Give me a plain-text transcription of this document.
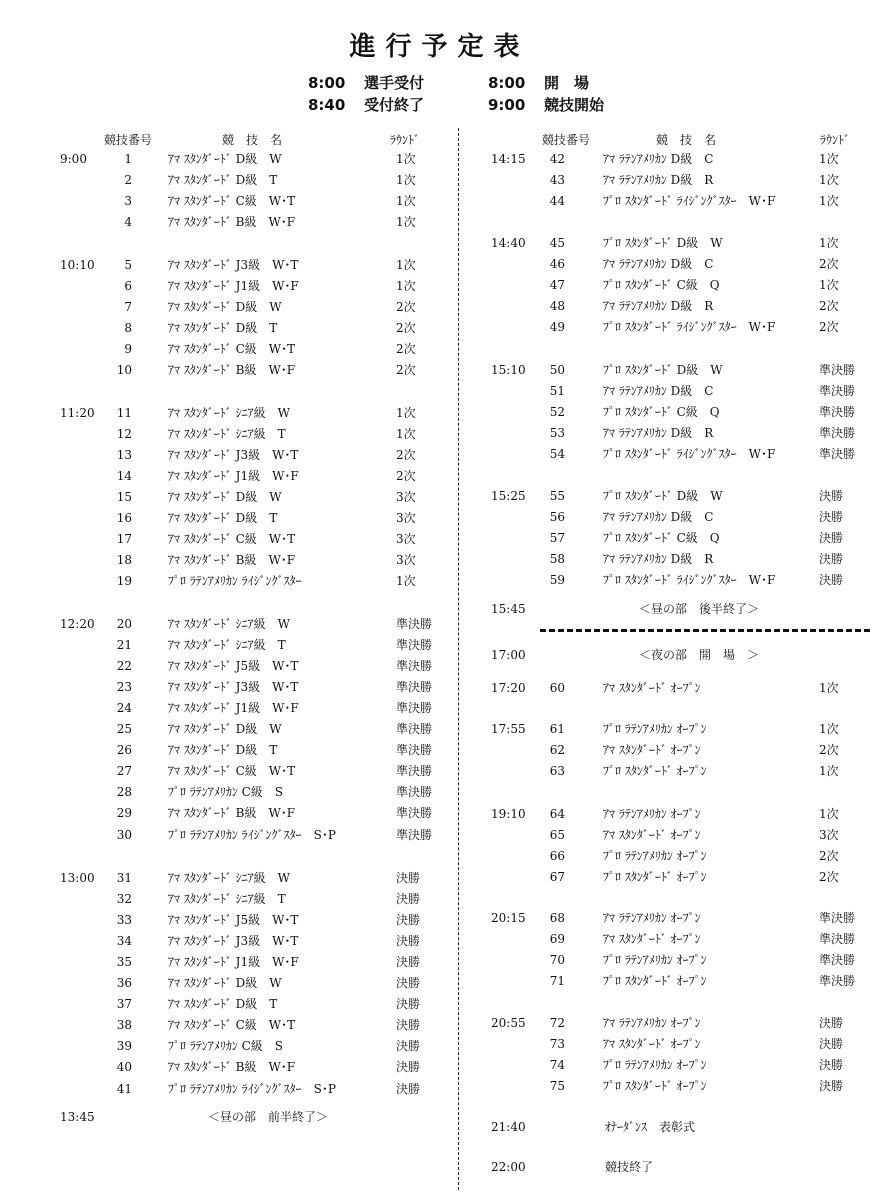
進行予定表
8:00 選手受付	8:00 開　場
8:40 受付終了	9:00 競技開始
競技番号	競　技　名	ﾗｳﾝﾄﾞ	競技番号	競　技　名	ﾗｳﾝﾄﾞ
9:00	1	ｱﾏ ｽﾀﾝﾀﾞｰﾄﾞ D級　W	1次
2	ｱﾏ ｽﾀﾝﾀﾞｰﾄﾞ D級　T	1次
3	ｱﾏ ｽﾀﾝﾀﾞｰﾄﾞ C級　W･T	1次
4	ｱﾏ ｽﾀﾝﾀﾞｰﾄﾞ B級　W･F	1次
10:10	5	ｱﾏ ｽﾀﾝﾀﾞｰﾄﾞ J3級　W･T	1次
6	ｱﾏ ｽﾀﾝﾀﾞｰﾄﾞ J1級　W･F	1次
7	ｱﾏ ｽﾀﾝﾀﾞｰﾄﾞ D級　W	2次
8	ｱﾏ ｽﾀﾝﾀﾞｰﾄﾞ D級　T	2次
9	ｱﾏ ｽﾀﾝﾀﾞｰﾄﾞ C級　W･T	2次
10	ｱﾏ ｽﾀﾝﾀﾞｰﾄﾞ B級　W･F	2次
11:20	11	ｱﾏ ｽﾀﾝﾀﾞｰﾄﾞ ｼﾆｱ級　W	1次
12	ｱﾏ ｽﾀﾝﾀﾞｰﾄﾞ ｼﾆｱ級　T	1次
13	ｱﾏ ｽﾀﾝﾀﾞｰﾄﾞ J3級　W･T	2次
14	ｱﾏ ｽﾀﾝﾀﾞｰﾄﾞ J1級　W･F	2次
15	ｱﾏ ｽﾀﾝﾀﾞｰﾄﾞ D級　W	3次
16	ｱﾏ ｽﾀﾝﾀﾞｰﾄﾞ D級　T	3次
17	ｱﾏ ｽﾀﾝﾀﾞｰﾄﾞ C級　W･T	3次
18	ｱﾏ ｽﾀﾝﾀﾞｰﾄﾞ B級　W･F	3次
19	ﾌﾟﾛ ﾗﾃﾝｱﾒﾘｶﾝ ﾗｲｼﾞﾝｸﾞｽﾀｰ	1次
12:20	20	ｱﾏ ｽﾀﾝﾀﾞｰﾄﾞ ｼﾆｱ級　W	準決勝
21	ｱﾏ ｽﾀﾝﾀﾞｰﾄﾞ ｼﾆｱ級　T	準決勝
22	ｱﾏ ｽﾀﾝﾀﾞｰﾄﾞ J5級　W･T	準決勝
23	ｱﾏ ｽﾀﾝﾀﾞｰﾄﾞ J3級　W･T	準決勝
24	ｱﾏ ｽﾀﾝﾀﾞｰﾄﾞ J1級　W･F	準決勝
25	ｱﾏ ｽﾀﾝﾀﾞｰﾄﾞ D級　W	準決勝
26	ｱﾏ ｽﾀﾝﾀﾞｰﾄﾞ D級　T	準決勝
27	ｱﾏ ｽﾀﾝﾀﾞｰﾄﾞ C級　W･T	準決勝
28	ﾌﾟﾛ ﾗﾃﾝｱﾒﾘｶﾝ C級　S	準決勝
29	ｱﾏ ｽﾀﾝﾀﾞｰﾄﾞ B級　W･F	準決勝
30	ﾌﾟﾛ ﾗﾃﾝｱﾒﾘｶﾝ ﾗｲｼﾞﾝｸﾞｽﾀｰ　S･P	準決勝
13:00	31	ｱﾏ ｽﾀﾝﾀﾞｰﾄﾞ ｼﾆｱ級　W	決勝
32	ｱﾏ ｽﾀﾝﾀﾞｰﾄﾞ ｼﾆｱ級　T	決勝
33	ｱﾏ ｽﾀﾝﾀﾞｰﾄﾞ J5級　W･T	決勝
34	ｱﾏ ｽﾀﾝﾀﾞｰﾄﾞ J3級　W･T	決勝
35	ｱﾏ ｽﾀﾝﾀﾞｰﾄﾞ J1級　W･F	決勝
36	ｱﾏ ｽﾀﾝﾀﾞｰﾄﾞ D級　W	決勝
37	ｱﾏ ｽﾀﾝﾀﾞｰﾄﾞ D級　T	決勝
38	ｱﾏ ｽﾀﾝﾀﾞｰﾄﾞ C級　W･T	決勝
39	ﾌﾟﾛ ﾗﾃﾝｱﾒﾘｶﾝ C級　S	決勝
40	ｱﾏ ｽﾀﾝﾀﾞｰﾄﾞ B級　W･F	決勝
41	ﾌﾟﾛ ﾗﾃﾝｱﾒﾘｶﾝ ﾗｲｼﾞﾝｸﾞｽﾀｰ　S･P	決勝
14:15	42	ｱﾏ ﾗﾃﾝｱﾒﾘｶﾝ D級　C	1次
43	ｱﾏ ﾗﾃﾝｱﾒﾘｶﾝ D級　R	1次
44	ﾌﾟﾛ ｽﾀﾝﾀﾞｰﾄﾞ ﾗｲｼﾞﾝｸﾞｽﾀｰ　W･F	1次
14:40	45	ﾌﾟﾛ ｽﾀﾝﾀﾞｰﾄﾞ D級　W	1次
46	ｱﾏ ﾗﾃﾝｱﾒﾘｶﾝ D級　C	2次
47	ﾌﾟﾛ ｽﾀﾝﾀﾞｰﾄﾞ C級　Q	1次
48	ｱﾏ ﾗﾃﾝｱﾒﾘｶﾝ D級　R	2次
49	ﾌﾟﾛ ｽﾀﾝﾀﾞｰﾄﾞ ﾗｲｼﾞﾝｸﾞｽﾀｰ　W･F	2次
15:10	50	ﾌﾟﾛ ｽﾀﾝﾀﾞｰﾄﾞ D級　W	準決勝
51	ｱﾏ ﾗﾃﾝｱﾒﾘｶﾝ D級　C	準決勝
52	ﾌﾟﾛ ｽﾀﾝﾀﾞｰﾄﾞ C級　Q	準決勝
53	ｱﾏ ﾗﾃﾝｱﾒﾘｶﾝ D級　R	準決勝
54	ﾌﾟﾛ ｽﾀﾝﾀﾞｰﾄﾞ ﾗｲｼﾞﾝｸﾞｽﾀｰ　W･F	準決勝
15:25	55	ﾌﾟﾛ ｽﾀﾝﾀﾞｰﾄﾞ D級　W	決勝
56	ｱﾏ ﾗﾃﾝｱﾒﾘｶﾝ D級　C	決勝
57	ﾌﾟﾛ ｽﾀﾝﾀﾞｰﾄﾞ C級　Q	決勝
58	ｱﾏ ﾗﾃﾝｱﾒﾘｶﾝ D級　R	決勝
59	ﾌﾟﾛ ｽﾀﾝﾀﾞｰﾄﾞ ﾗｲｼﾞﾝｸﾞｽﾀｰ　W･F	決勝
17:20	60	ｱﾏ ｽﾀﾝﾀﾞｰﾄﾞ ｵｰﾌﾟﾝ	1次
17:55	61	ﾌﾟﾛ ﾗﾃﾝｱﾒﾘｶﾝ ｵｰﾌﾟﾝ	1次
62	ｱﾏ ｽﾀﾝﾀﾞｰﾄﾞ ｵｰﾌﾟﾝ	2次
63	ﾌﾟﾛ ｽﾀﾝﾀﾞｰﾄﾞ ｵｰﾌﾟﾝ	1次
19:10	64	ｱﾏ ﾗﾃﾝｱﾒﾘｶﾝ ｵｰﾌﾟﾝ	1次
65	ｱﾏ ｽﾀﾝﾀﾞｰﾄﾞ ｵｰﾌﾟﾝ	3次
66	ﾌﾟﾛ ﾗﾃﾝｱﾒﾘｶﾝ ｵｰﾌﾟﾝ	2次
67	ﾌﾟﾛ ｽﾀﾝﾀﾞｰﾄﾞ ｵｰﾌﾟﾝ	2次
20:15	68	ｱﾏ ﾗﾃﾝｱﾒﾘｶﾝ ｵｰﾌﾟﾝ	準決勝
69	ｱﾏ ｽﾀﾝﾀﾞｰﾄﾞ ｵｰﾌﾟﾝ	準決勝
70	ﾌﾟﾛ ﾗﾃﾝｱﾒﾘｶﾝ ｵｰﾌﾟﾝ	準決勝
71	ﾌﾟﾛ ｽﾀﾝﾀﾞｰﾄﾞ ｵｰﾌﾟﾝ	準決勝
20:55	72	ｱﾏ ﾗﾃﾝｱﾒﾘｶﾝ ｵｰﾌﾟﾝ	決勝
73	ｱﾏ ｽﾀﾝﾀﾞｰﾄﾞ ｵｰﾌﾟﾝ	決勝
74	ﾌﾟﾛ ﾗﾃﾝｱﾒﾘｶﾝ ｵｰﾌﾟﾝ	決勝
75	ﾌﾟﾛ ｽﾀﾝﾀﾞｰﾄﾞ ｵｰﾌﾟﾝ	決勝
13:45	＜昼の部　前半終了＞
15:45	＜昼の部　後半終了＞
17:00	＜夜の部　開　場　＞
21:40	ｵﾅｰﾀﾞﾝｽ　表彰式
22:00	競技終了
